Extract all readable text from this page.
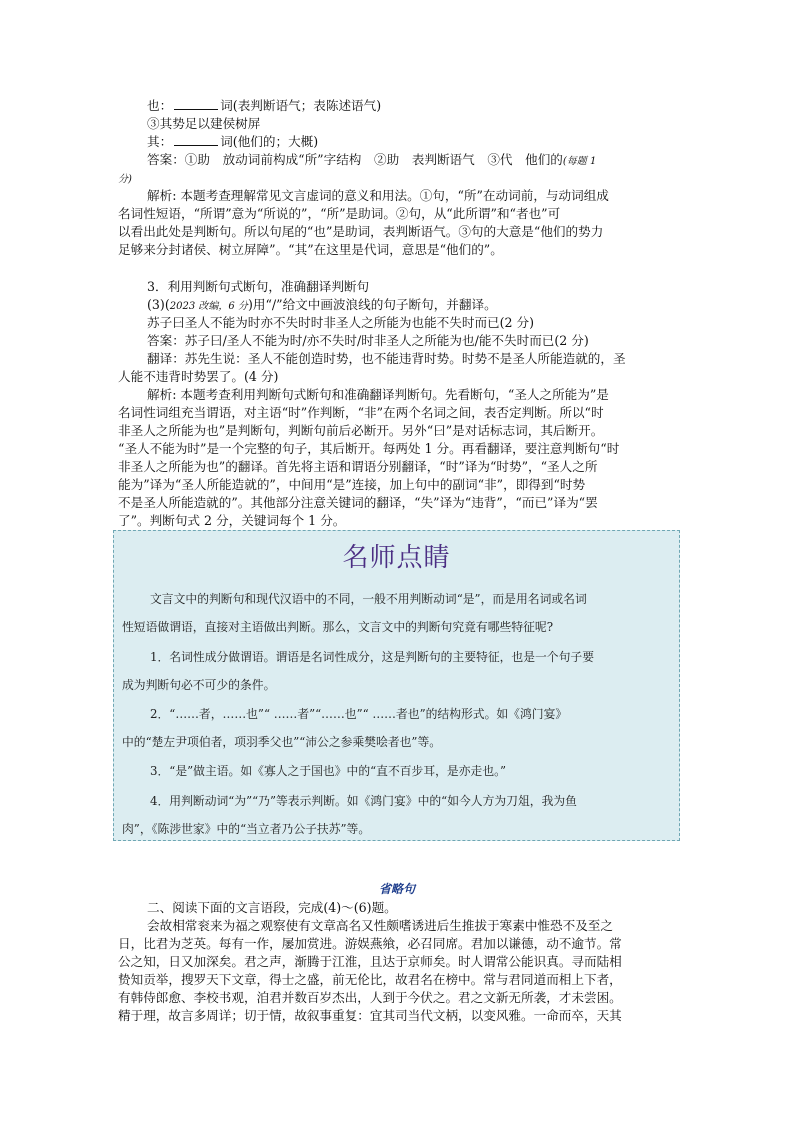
也：	词(表判断语气；表陈述语气)
③其势足以建侯树屏
其：	词(他们的；大概)
答案：①助　放动词前构成“所”字结构　②助　表判断语气　③代　他们的(每题 1
分)
解析: 本题考查理解常见文言虚词的意义和用法。①句，“所”在动词前，与动词组成
名词性短语，“所谓”意为“所说的”，“所”是助词。②句，从“此所谓”和“者也”可
以看出此处是判断句。所以句尾的“也”是助词，表判断语气。③句的大意是“他们的势力
足够来分封诸侯、树立屏障”。“其”在这里是代词，意思是“他们的”。
3．利用判断句式断句，准确翻译判断句
(3)(2023 改编，6 分)用“/”给文中画波浪线的句子断句，并翻译。
苏子曰圣人不能为时亦不失时时非圣人之所能为也能不失时而已(2 分)
答案：苏子曰/圣人不能为时/亦不失时/时非圣人之所能为也/能不失时而已(2 分)
翻译：苏先生说：圣人不能创造时势，也不能违背时势。时势不是圣人所能造就的，圣
人能不违背时势罢了。(4 分)
解析: 本题考查利用判断句式断句和准确翻译判断句。先看断句，“圣人之所能为”是
名词性词组充当谓语，对主语“时”作判断，“非”在两个名词之间，表否定判断。所以“时
非圣人之所能为也”是判断句，判断句前后必断开。另外“曰”是对话标志词，其后断开。
“圣人不能为时”是一个完整的句子，其后断开。每两处 1 分。再看翻译，要注意判断句“时
非圣人之所能为也”的翻译。首先将主语和谓语分别翻译，“时”译为“时势”，“圣人之所
能为”译为“圣人所能造就的”，中间用“是”连接，加上句中的副词“非”，即得到“时势
不是圣人所能造就的”。其他部分注意关键词的翻译，“失”译为“违背”，“而已”译为“罢
了”。判断句式 2 分，关键词每个 1 分。
名师点睛
文言文中的判断句和现代汉语中的不同，一般不用判断动词“是”，而是用名词或名词
性短语做谓语，直接对主语做出判断。那么，文言文中的判断句究竟有哪些特征呢?
1．名词性成分做谓语。谓语是名词性成分，这是判断句的主要特征，也是一个句子要
成为判断句必不可少的条件。
2．“……者，……也”“ ……者”“……也”“ ……者也”的结构形式。如《鸿门宴》
中的“楚左尹项伯者，项羽季父也”“沛公之参乘樊哙者也”等。
3．“是”做主语。如《寡人之于国也》中的“直不百步耳，是亦走也。”
4．用判断动词“为”“乃”等表示判断。如《鸿门宴》中的“如今人方为刀俎，我为鱼
肉”，《陈涉世家》中的“当立者乃公子扶苏”等。
省略句
二、阅读下面的文言语段，完成(4)～(6)题。
会故相常衮来为福之观察使有文章高名又性颇嗜诱进后生推拔于寒素中惟恐不及至之
日，比君为芝英。每有一作，屡加赏进。游娱燕飨，必召同席。君加以谦德，动不逾节。常
公之知，日又加深矣。君之声，渐腾于江淮，且达于京师矣。时人谓常公能识真。寻而陆相
贽知贡举，搜罗天下文章，得士之盛，前无伦比，故君名在榜中。常与君同道而相上下者，
有韩侍郎愈、李校书观，洎君并数百岁杰出，人到于今伏之。君之文新无所袭，才未尝困。
精于理，故言多周详；切于情，故叙事重复：宜其司当代文柄，以变风雅。一命而卒，天其
